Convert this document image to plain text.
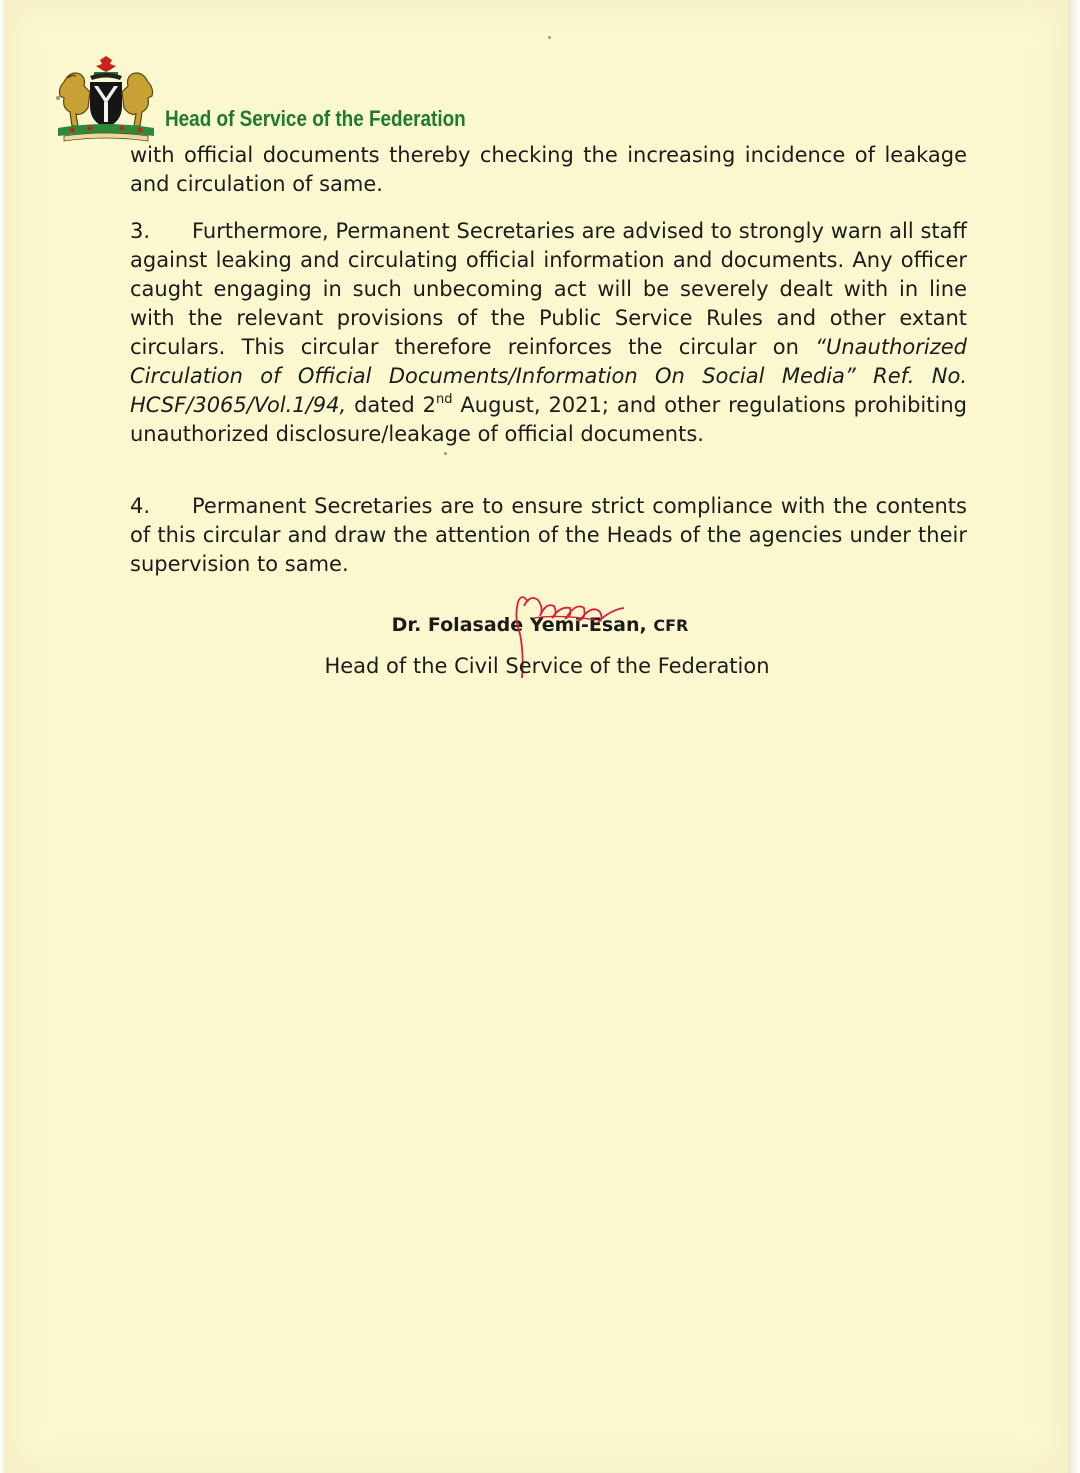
Head of Service of the Federation

with official documents thereby checking the increasing incidence of leakage and circulation of same.

3. Furthermore, Permanent Secretaries are advised to strongly warn all staff against leaking and circulating official information and documents. Any officer caught engaging in such unbecoming act will be severely dealt with in line with the relevant provisions of the Public Service Rules and other extant circulars. This circular therefore reinforces the circular on “Unauthorized Circulation of Official Documents/Information On Social Media” Ref. No. HCSF/3065/Vol.1/94, dated 2nd August, 2021; and other regulations prohibiting unauthorized disclosure/leakage of official documents.

4. Permanent Secretaries are to ensure strict compliance with the contents of this circular and draw the attention of the Heads of the agencies under their supervision to same.

Dr. Folasade Yemi-Esan, CFR
Head of the Civil Service of the Federation
